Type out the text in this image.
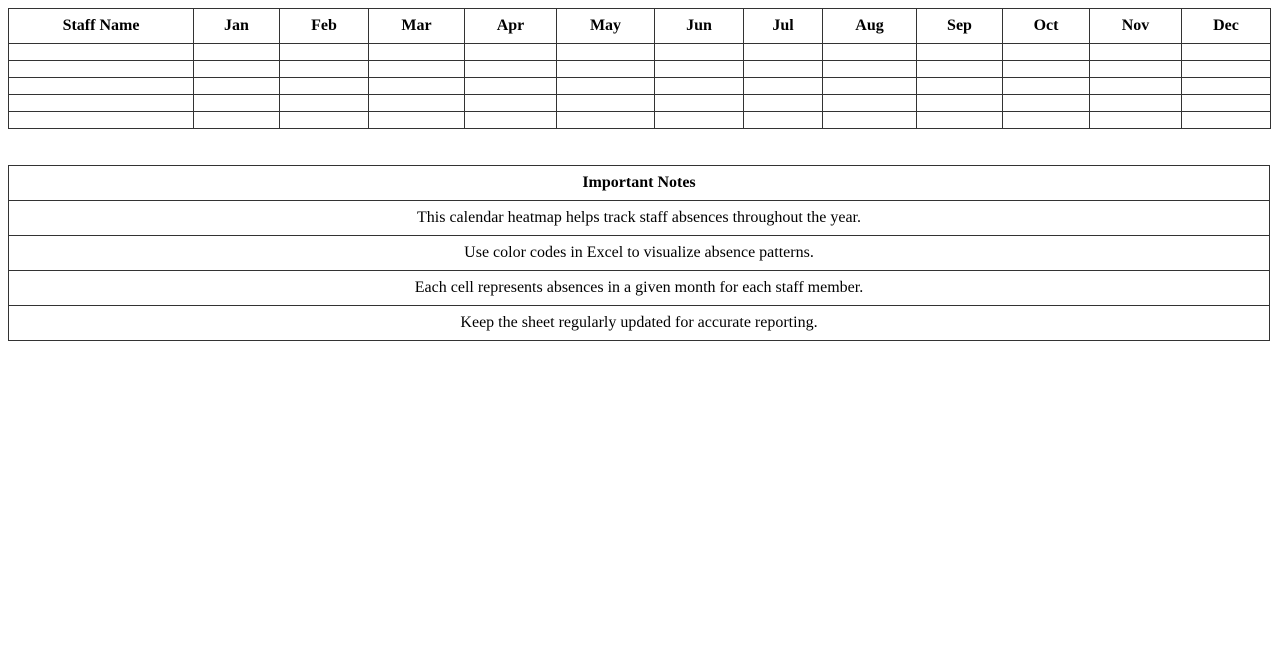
Staff Name	Jan	Feb	Mar	Apr	May	Jun	Jul	Aug	Sep	Oct	Nov	Dec

Important Notes
This calendar heatmap helps track staff absences throughout the year.
Use color codes in Excel to visualize absence patterns.
Each cell represents absences in a given month for each staff member.
Keep the sheet regularly updated for accurate reporting.
